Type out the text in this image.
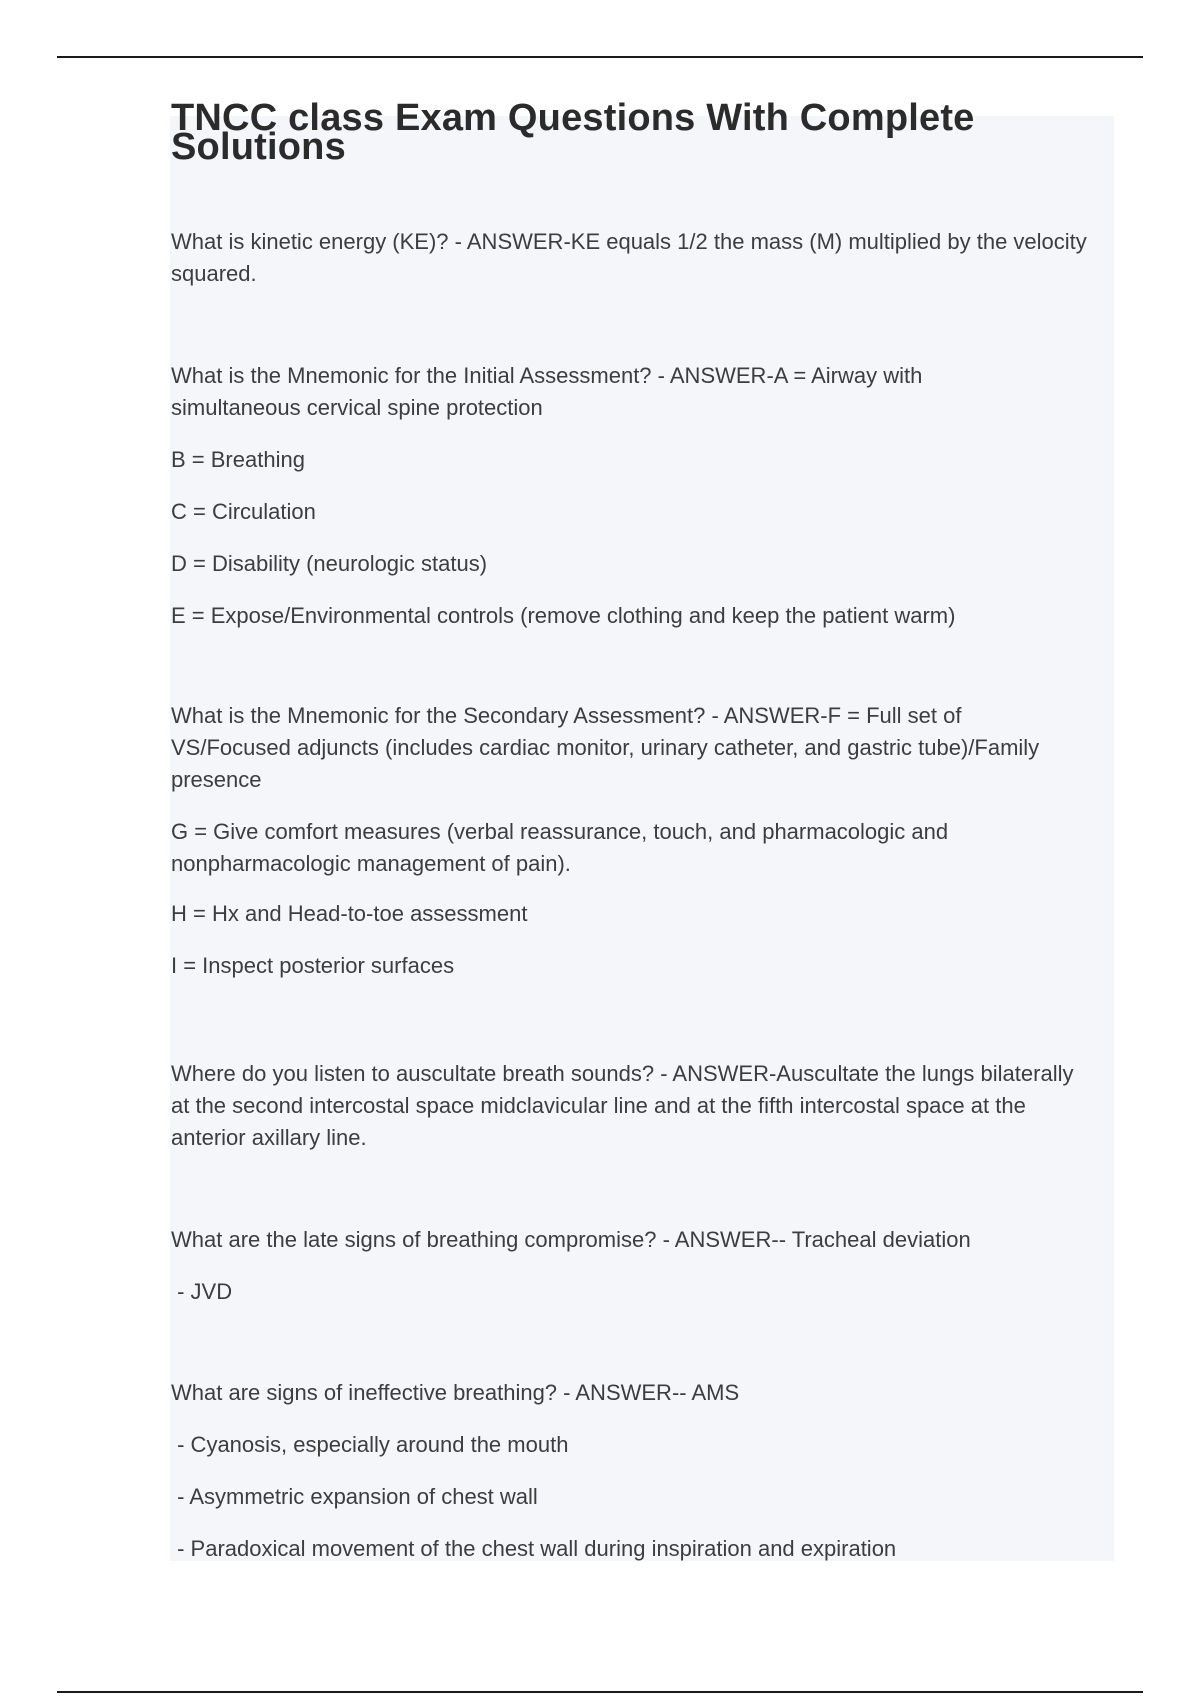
TNCC class Exam Questions With Complete Solutions

What is kinetic energy (KE)? - ANSWER-KE equals 1/2 the mass (M) multiplied by the velocity squared.

What is the Mnemonic for the Initial Assessment? - ANSWER-A = Airway with simultaneous cervical spine protection

B = Breathing

C = Circulation

D = Disability (neurologic status)

E = Expose/Environmental controls (remove clothing and keep the patient warm)

What is the Mnemonic for the Secondary Assessment? - ANSWER-F = Full set of VS/Focused adjuncts (includes cardiac monitor, urinary catheter, and gastric tube)/Family presence

G = Give comfort measures (verbal reassurance, touch, and pharmacologic and nonpharmacologic management of pain).

H = Hx and Head-to-toe assessment

I = Inspect posterior surfaces

Where do you listen to auscultate breath sounds? - ANSWER-Auscultate the lungs bilaterally at the second intercostal space midclavicular line and at the fifth intercostal space at the anterior axillary line.

What are the late signs of breathing compromise? - ANSWER-- Tracheal deviation

- JVD

What are signs of ineffective breathing? - ANSWER-- AMS

- Cyanosis, especially around the mouth

- Asymmetric expansion of chest wall

- Paradoxical movement of the chest wall during inspiration and expiration
